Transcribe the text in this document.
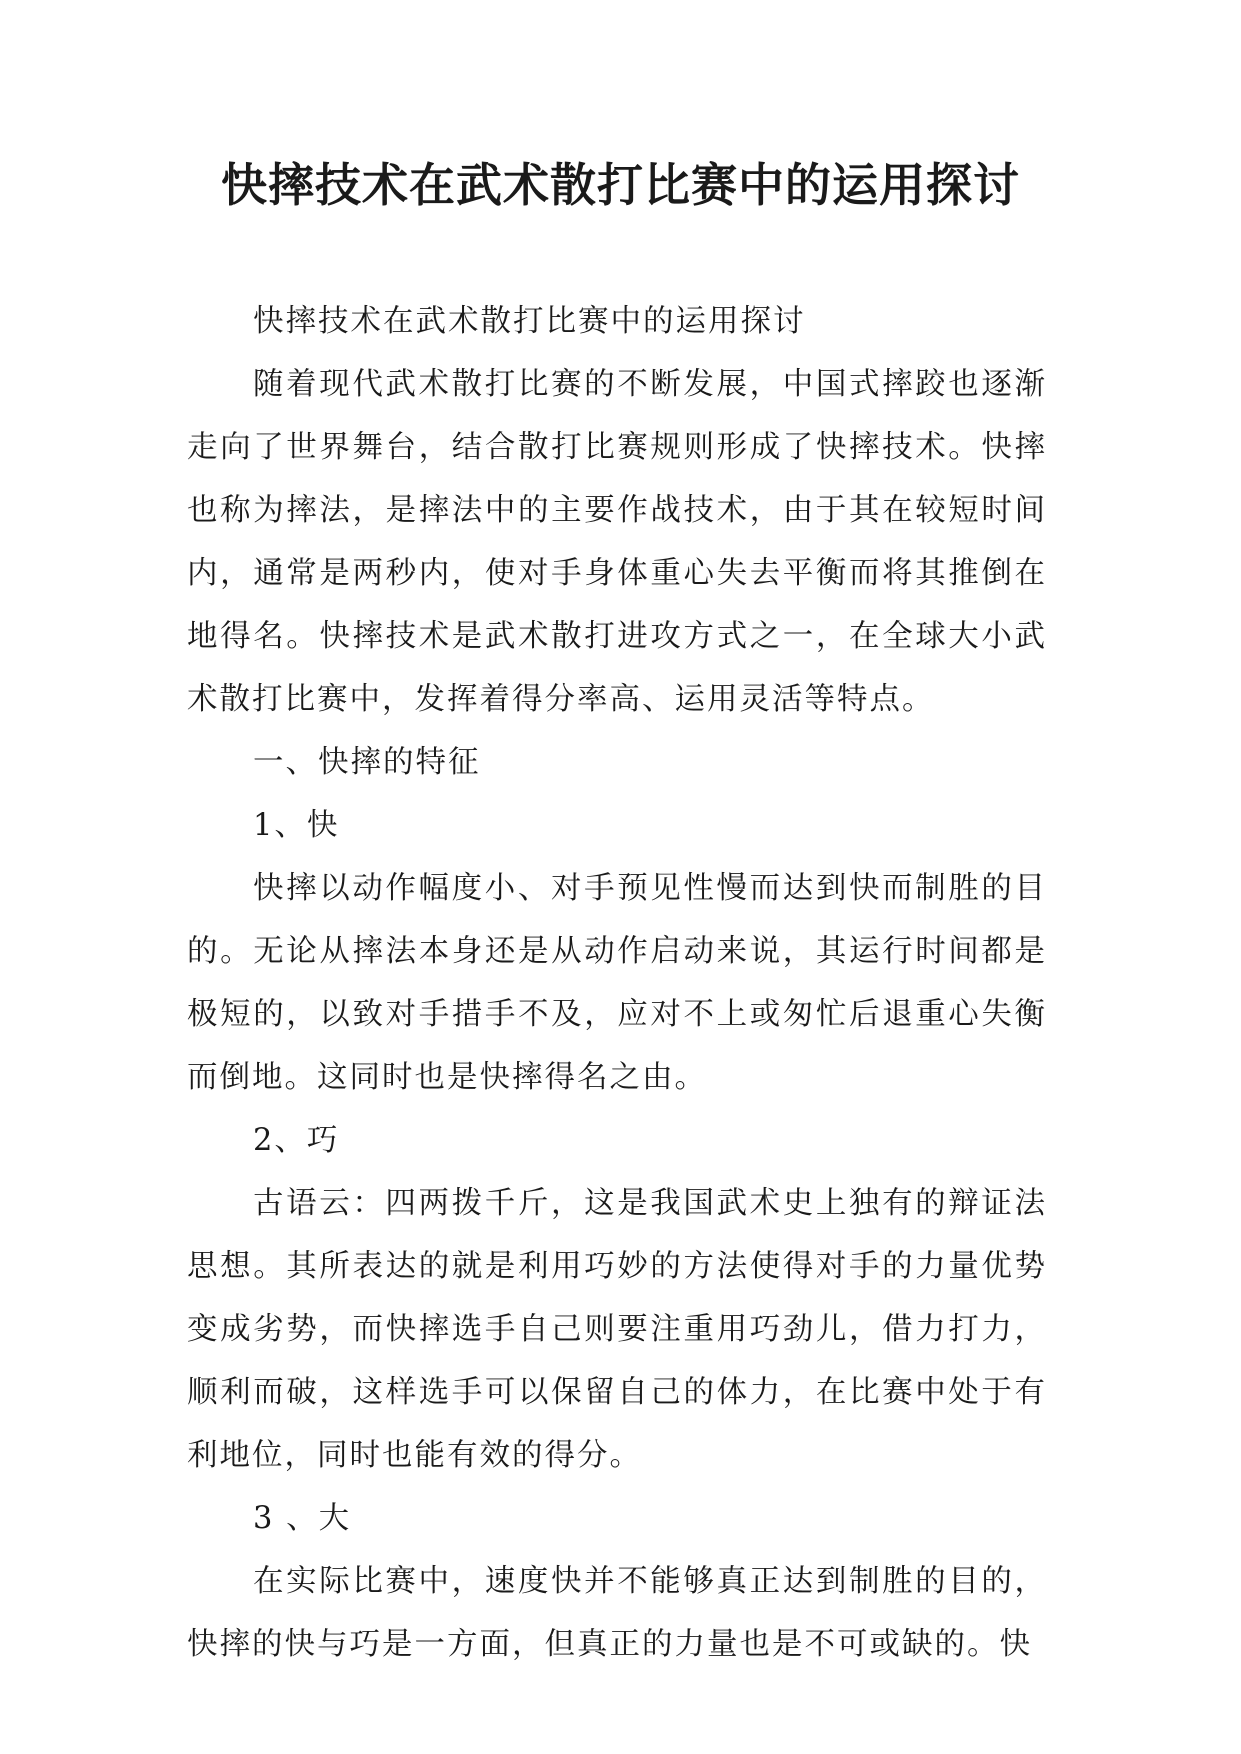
快摔技术在武术散打比赛中的运用探讨

快摔技术在武术散打比赛中的运用探讨

随着现代武术散打比赛的不断发展，中国式摔跤也逐渐走向了世界舞台，结合散打比赛规则形成了快摔技术。快摔也称为摔法，是摔法中的主要作战技术，由于其在较短时间内，通常是两秒内，使对手身体重心失去平衡而将其推倒在地得名。快摔技术是武术散打进攻方式之一，在全球大小武术散打比赛中，发挥着得分率高、运用灵活等特点。

一、快摔的特征

1、快

快摔以动作幅度小、对手预见性慢而达到快而制胜的目的。无论从摔法本身还是从动作启动来说，其运行时间都是极短的，以致对手措手不及，应对不上或匆忙后退重心失衡而倒地。这同时也是快摔得名之由。

2、巧

古语云：四两拨千斤，这是我国武术史上独有的辩证法思想。其所表达的就是利用巧妙的方法使得对手的力量优势变成劣势，而快摔选手自己则要注重用巧劲儿，借力打力，顺利而破，这样选手可以保留自己的体力，在比赛中处于有利地位，同时也能有效的得分。

3 、大

在实际比赛中，速度快并不能够真正达到制胜的目的，快摔的快与巧是一方面，但真正的力量也是不可或缺的。快
